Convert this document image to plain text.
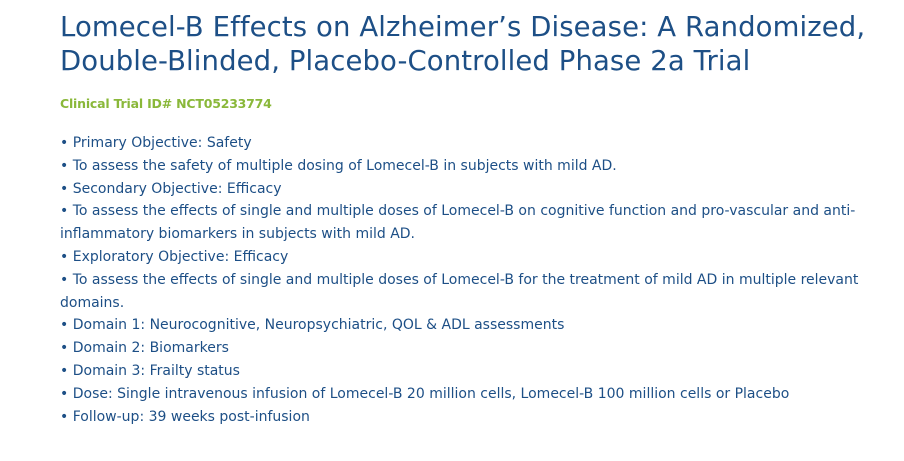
Lomecel-B Effects on Alzheimer’s Disease: A Randomized, Double-Blinded, Placebo-Controlled Phase 2a Trial
Clinical Trial ID# NCT05233774
• Primary Objective: Safety
• To assess the safety of multiple dosing of Lomecel-B in subjects with mild AD.
• Secondary Objective: Efficacy
• To assess the effects of single and multiple doses of Lomecel-B on cognitive function and pro-vascular and anti-inflammatory biomarkers in subjects with mild AD.
• Exploratory Objective: Efficacy
• To assess the effects of single and multiple doses of Lomecel-B for the treatment of mild AD in multiple relevant domains.
• Domain 1: Neurocognitive, Neuropsychiatric, QOL & ADL assessments
• Domain 2: Biomarkers
• Domain 3: Frailty status
• Dose: Single intravenous infusion of Lomecel-B 20 million cells, Lomecel-B 100 million cells or Placebo
• Follow-up: 39 weeks post-infusion
